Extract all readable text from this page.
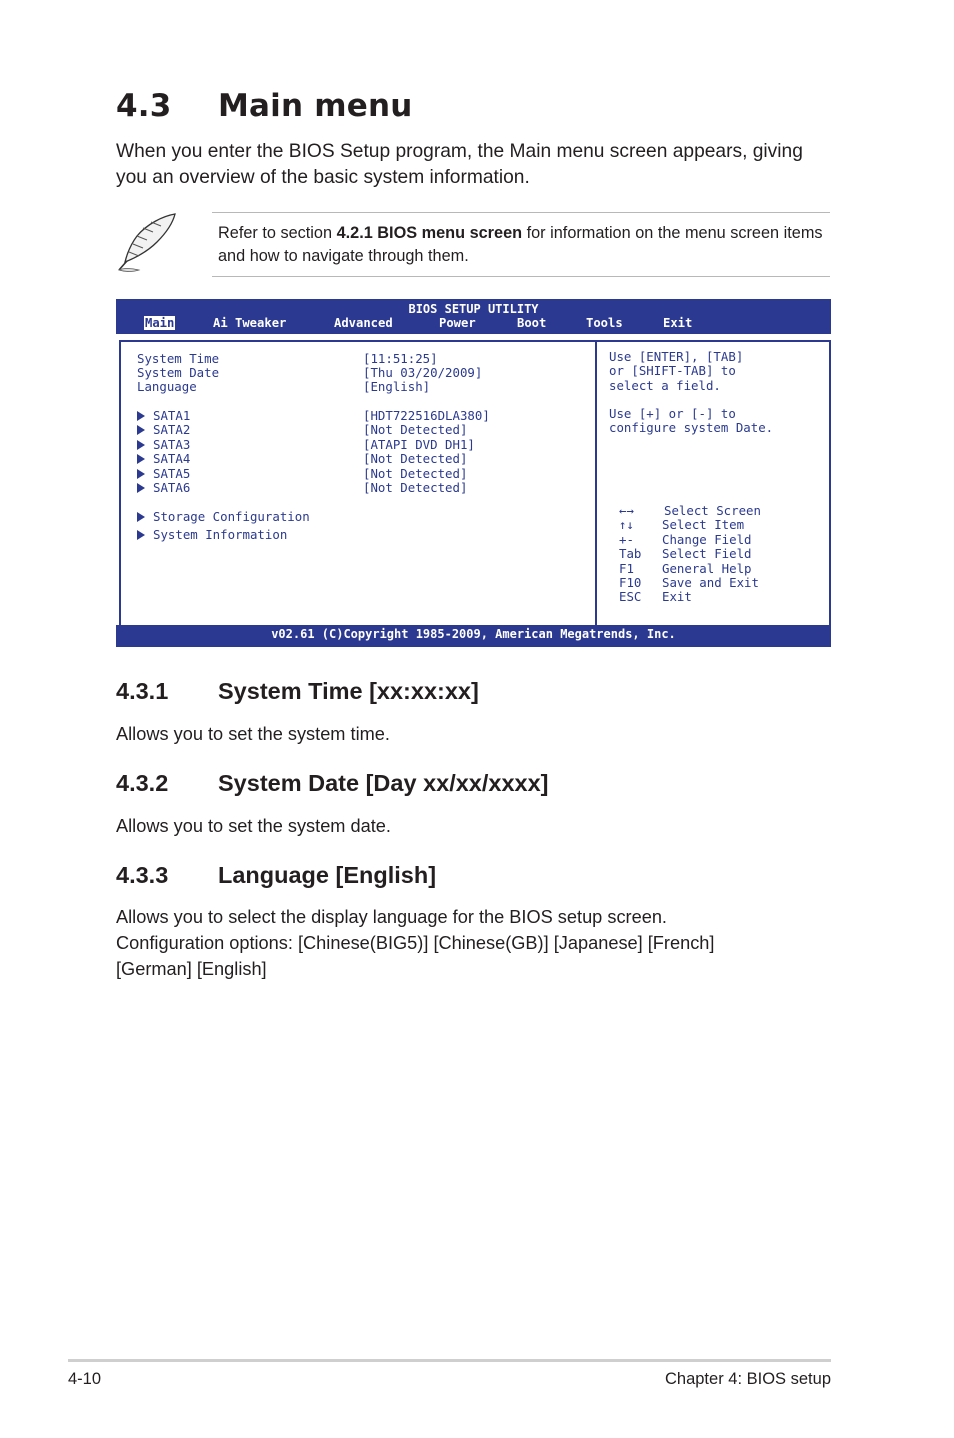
4.3 Main menu

When you enter the BIOS Setup program, the Main menu screen appears, giving you an overview of the basic system information.

Refer to section 4.2.1 BIOS menu screen for information on the menu screen items and how to navigate through them.

BIOS SETUP UTILITY
Main	Ai Tweaker	Advanced	Power	Boot	Tools	Exit
System Time	[11:51:25]
System Date	[Thu 03/20/2009]
Language	[English]
SATA1	[HDT722516DLA380]
SATA2	[Not Detected]
SATA3	[ATAPI DVD DH1]
SATA4	[Not Detected]
SATA5	[Not Detected]
SATA6	[Not Detected]
Storage Configuration
System Information
Use [ENTER], [TAB]
or [SHIFT-TAB] to
select a field.
Use [+] or [-] to
configure system Date.
←→ Select Screen
↑↓ Select Item
+- Change Field
Tab Select Field
F1 General Help
F10 Save and Exit
ESC Exit
v02.61 (C)Copyright 1985-2009, American Megatrends, Inc.
4.3.1 System Time [xx:xx:xx]

Allows you to set the system time.

4.3.2 System Date [Day xx/xx/xxxx]

Allows you to set the system date.

4.3.3 Language [English]

Allows you to select the display language for the BIOS setup screen. Configuration options: [Chinese(BIG5)] [Chinese(GB)] [Japanese] [French] [German] [English]

4-10	Chapter 4: BIOS setup
